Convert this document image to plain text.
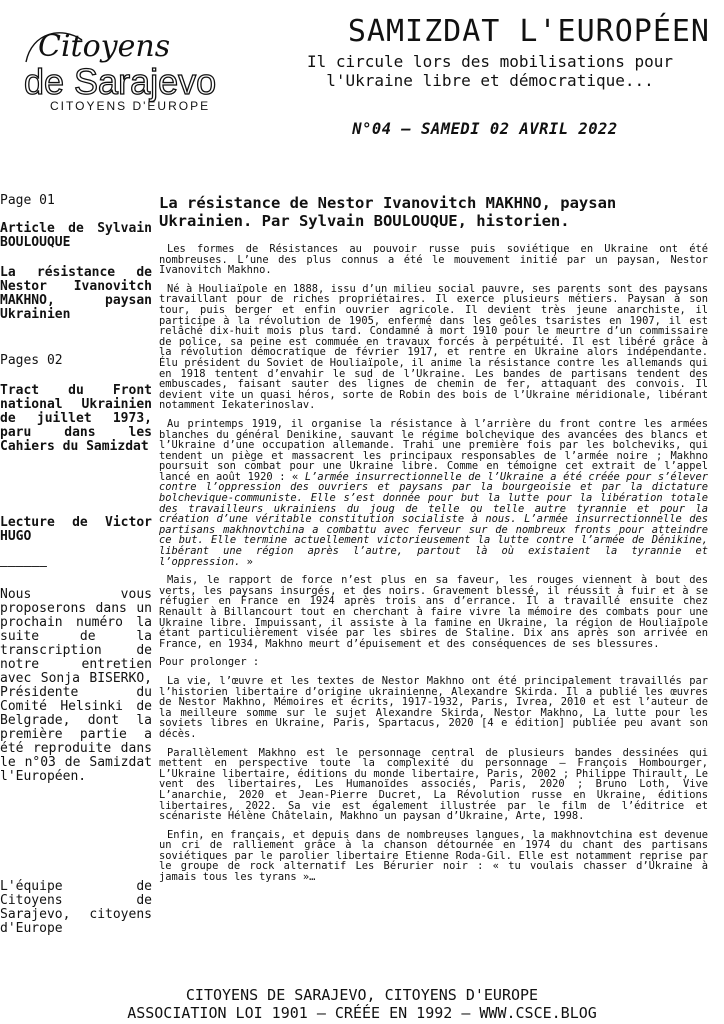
Citoyens
de Sarajevo
CITOYENS D'EUROPE
SAMIZDAT L'EUROPÉEN
Il circule lors des mobilisations pour
l'Ukraine libre et démocratique...
N°04 – SAMEDI 02 AVRIL 2022
Page 01
Article de Sylvain BOULOUQUE
La résistance de Nestor Ivanovitch MAKHNO, paysan Ukrainien
Pages 02
Tract du Front national Ukrainien de juillet 1973, paru dans les Cahiers du Samizdat
Lecture de Victor HUGO
——————
Nous vous proposerons dans un prochain numéro la suite de la transcription de notre entretien avec Sonja BISERKO, Présidente du Comité Helsinki de Belgrade, dont la première partie a été reproduite dans le n°03 de Samizdat l'Européen.
L'équipe de Citoyens de Sarajevo, citoyens d'Europe
La résistance de Nestor Ivanovitch MAKHNO, paysan Ukrainien. Par Sylvain BOULOUQUE, historien.

Les formes de Résistances au pouvoir russe puis soviétique en Ukraine ont été nombreuses. L’une des plus connus a été le mouvement initié par un paysan, Nestor Ivanovitch Makhno.

Né à Houliaïpole en 1888, issu d’un milieu social pauvre, ses parents sont des paysans travaillant pour de riches propriétaires. Il exerce plusieurs métiers. Paysan à son tour, puis berger et enfin ouvrier agricole. Il devient très jeune anarchiste, il participe à la révolution de 1905, enfermé dans les geôles tsaristes en 1907, il est relâché dix-huit mois plus tard. Condamné à mort 1910 pour le meurtre d’un commissaire de police, sa peine est commuée en travaux forcés à perpétuité. Il est libéré grâce à la révolution démocratique de février 1917, et rentre en Ukraine alors indépendante. Élu président du Soviet de Houliaïpole, il anime la résistance contre les allemands qui en 1918 tentent d’envahir le sud de l’Ukraine. Les bandes de partisans tendent des embuscades, faisant sauter des lignes de chemin de fer, attaquant des convois. Il devient vite un quasi héros, sorte de Robin des bois de l’Ukraine méridionale, libérant notamment Iekaterinoslav.

Au printemps 1919, il organise la résistance à l’arrière du front contre les armées blanches du général Denikine, sauvant le régime bolchevique des avancées des blancs et l’Ukraine d’une occupation allemande. Trahi une première fois par les bolcheviks, qui tendent un piège et massacrent les principaux responsables de l’armée noire ; Makhno poursuit son combat pour une Ukraine libre. Comme en témoigne cet extrait de l’appel lancé en août 1920 : « L’armée insurrectionnelle de l’Ukraine a été créée pour s’élever contre l’oppression des ouvriers et paysans par la bourgeoisie et par la dictature bolchevique-communiste. Elle s’est donnée pour but la lutte pour la libération totale des travailleurs ukrainiens du joug de telle ou telle autre tyrannie et pour la création d’une véritable constitution socialiste à nous. L’armée insurrectionnelle des partisans makhnovtchina a combattu avec ferveur sur de nombreux fronts pour atteindre ce but. Elle termine actuellement victorieusement la lutte contre l’armée de Dénikine, libérant une région après l’autre, partout là où existaient la tyrannie et l’oppression. »

Mais, le rapport de force n’est plus en sa faveur, les rouges viennent à bout des verts, les paysans insurgés, et des noirs. Gravement blessé, il réussit à fuir et à se réfugier en France en 1924 après trois ans d’errance. Il a travaillé ensuite chez Renault à Billancourt tout en cherchant à faire vivre la mémoire des combats pour une Ukraine libre. Impuissant, il assiste à la famine en Ukraine, la région de Houliaïpole étant particulièrement visée par les sbires de Staline. Dix ans après son arrivée en France, en 1934, Makhno meurt d’épuisement et des conséquences de ses blessures.

Pour prolonger :

La vie, l’œuvre et les textes de Nestor Makhno ont été principalement travaillés par l’historien libertaire d’origine ukrainienne, Alexandre Skirda. Il a publié les œuvres de Nestor Makhno, Mémoires et écrits, 1917-1932, Paris, Ivrea, 2010 et est l’auteur de la meilleure somme sur le sujet Alexandre Skirda, Nestor Makhno, La lutte pour les soviets libres en Ukraine, Paris, Spartacus, 2020 [4 e édition] publiée peu avant son décès.

Parallèlement Makhno est le personnage central de plusieurs bandes dessinées qui mettent en perspective toute la complexité du personnage – François Hombourger, L’Ukraine libertaire, éditions du monde libertaire, Paris, 2002 ; Philippe Thirault, Le vent des libertaires, Les Humanoïdes associés, Paris, 2020 ; Bruno Loth, Vive L’anarchie, 2020 et Jean-Pierre Ducret, La Révolution russe en Ukraine, éditions libertaires, 2022. Sa vie est également illustrée par le film de l’éditrice et scénariste Hélène Châtelain, Makhno un paysan d’Ukraine, Arte, 1998.

Enfin, en français, et depuis dans de nombreuses langues, la makhnovtchina est devenue un cri de ralliement grâce à la chanson détournée en 1974 du chant des partisans soviétiques par le parolier libertaire Etienne Roda-Gil. Elle est notamment reprise par le groupe de rock alternatif Les Bérurier noir : « tu voulais chasser d’Ukraine à jamais tous les tyrans »…

CITOYENS DE SARAJEVO, CITOYENS D'EUROPE
ASSOCIATION LOI 1901 – CRÉÉE EN 1992 – WWW.CSCE.BLOG
